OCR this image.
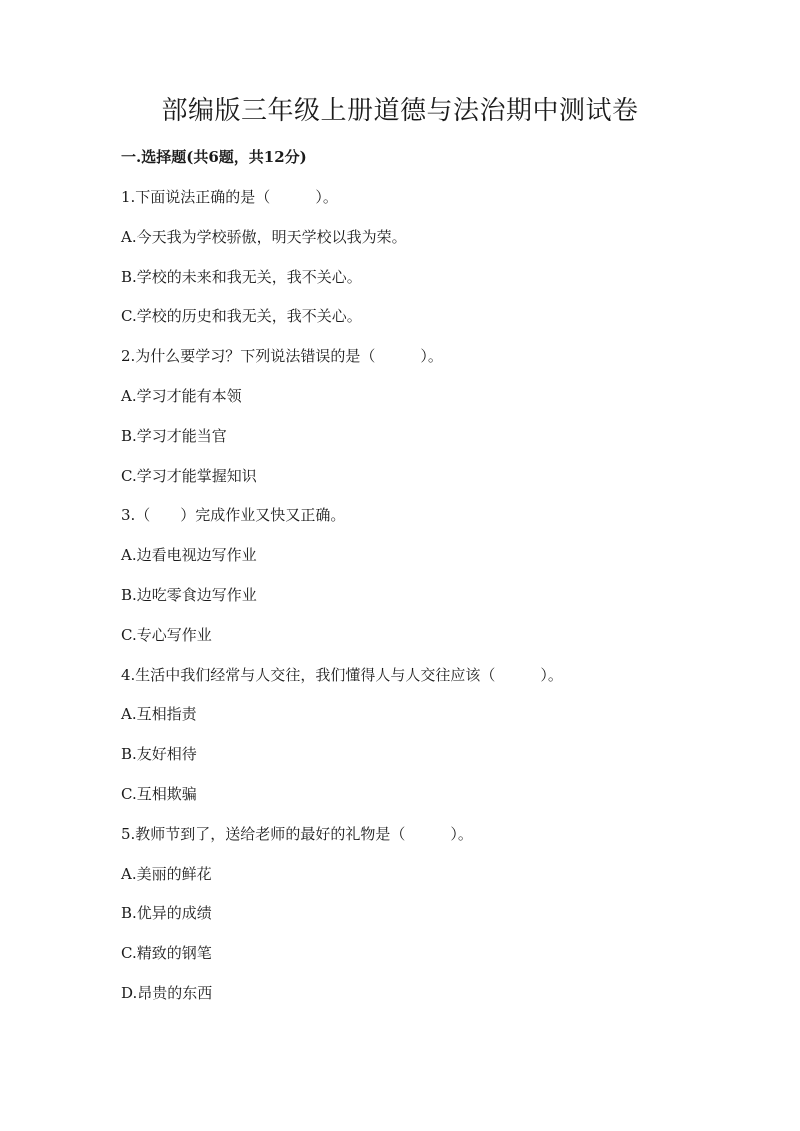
部编版三年级上册道德与法治期中测试卷
一.选择题(共6题，共12分)
1.下面说法正确的是（　　　）。
A.今天我为学校骄傲，明天学校以我为荣。
B.学校的未来和我无关，我不关心。
C.学校的历史和我无关，我不关心。
2.为什么要学习？下列说法错误的是（　　　）。
A.学习才能有本领
B.学习才能当官
C.学习才能掌握知识
3.（　　）完成作业又快又正确。
A.边看电视边写作业
B.边吃零食边写作业
C.专心写作业
4.生活中我们经常与人交往，我们懂得人与人交往应该（　　　）。
A.互相指责
B.友好相待
C.互相欺骗
5.教师节到了，送给老师的最好的礼物是（　　　）。
A.美丽的鲜花
B.优异的成绩
C.精致的钢笔
D.昂贵的东西
